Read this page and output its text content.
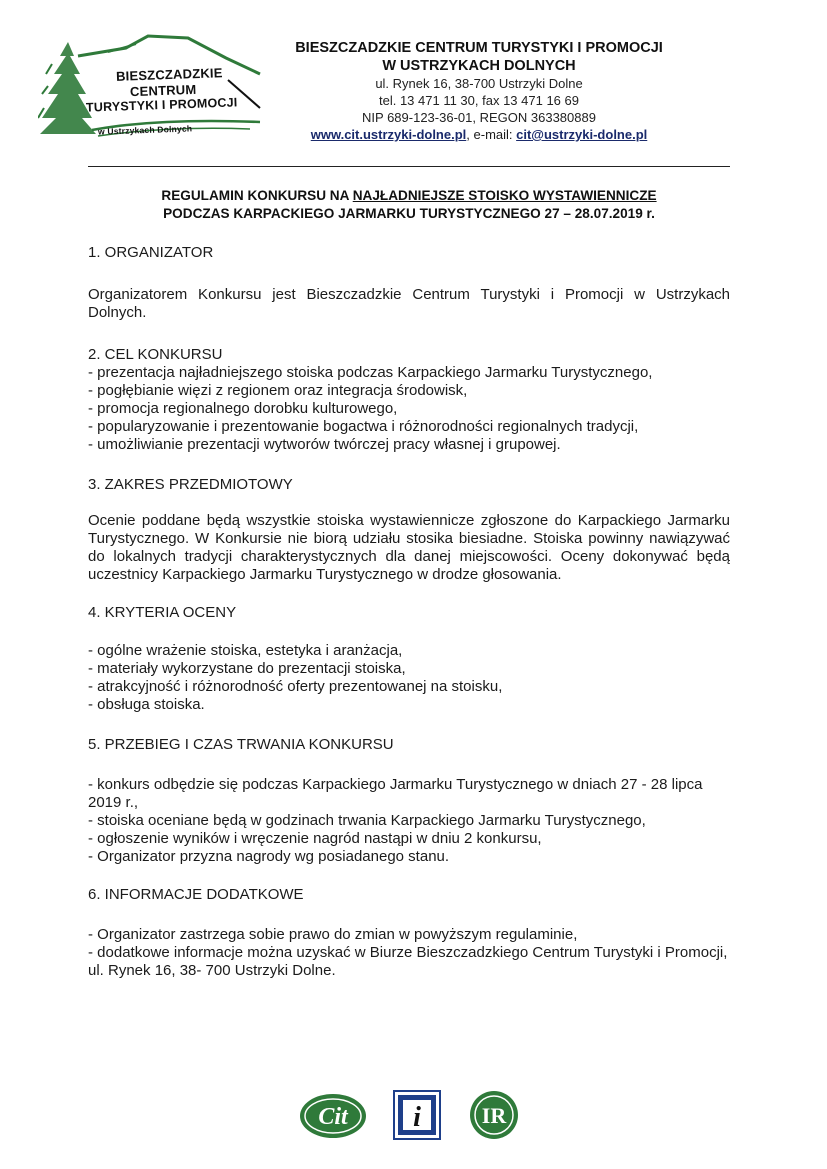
BIESZCZADZKIE
CENTRUM
TURYSTYKI I PROMOCJI
w Ustrzykach Dolnych
BIESZCZADZKIE CENTRUM TURYSTYKI I PROMOCJI
W USTRZYKACH DOLNYCH
ul. Rynek 16, 38-700 Ustrzyki Dolne
tel. 13 471 11 30, fax 13 471 16 69
NIP 689-123-36-01, REGON 363380889
www.cit.ustrzyki-dolne.pl, e-mail: cit@ustrzyki-dolne.pl
REGULAMIN KONKURSU NA NAJŁADNIEJSZE STOISKO WYSTAWIENNICZE
PODCZAS KARPACKIEGO JARMARKU TURYSTYCZNEGO 27 – 28.07.2019 r.

1. ORGANIZATOR

Organizatorem Konkursu jest Bieszczadzkie Centrum Turystyki i Promocji w Ustrzykach Dolnych.

2. CEL KONKURSU

- prezentacja najładniejszego stoiska podczas Karpackiego Jarmarku Turystycznego,
- pogłębianie więzi z regionem oraz integracja środowisk,
- promocja regionalnego dorobku kulturowego,
- popularyzowanie i prezentowanie bogactwa i różnorodności regionalnych tradycji,
- umożliwianie prezentacji wytworów twórczej pracy własnej i grupowej.

3. ZAKRES PRZEDMIOTOWY

Ocenie poddane będą wszystkie stoiska wystawiennicze zgłoszone do Karpackiego Jarmarku Turystycznego. W Konkursie nie biorą udziału stosika biesiadne. Stoiska powinny nawiązywać do lokalnych tradycji charakterystycznych dla danej miejscowości. Oceny dokonywać będą uczestnicy Karpackiego Jarmarku Turystycznego w drodze głosowania.

4. KRYTERIA OCENY

- ogólne wrażenie stoiska, estetyka i aranżacja,
- materiały wykorzystane do prezentacji stoiska,
- atrakcyjność i różnorodność oferty prezentowanej na stoisku,
- obsługa stoiska.

5. PRZEBIEG I CZAS TRWANIA KONKURSU

- konkurs odbędzie się podczas Karpackiego Jarmarku Turystycznego w dniach 27 - 28 lipca 2019 r.,
- stoiska oceniane będą w godzinach trwania Karpackiego Jarmarku Turystycznego,
- ogłoszenie wyników i wręczenie nagród nastąpi w dniu 2 konkursu,
- Organizator przyzna nagrody wg posiadanego stanu.

6. INFORMACJE DODATKOWE

- Organizator zastrzega sobie prawo do zmian w powyższym regulaminie,
- dodatkowe informacje można uzyskać w Biurze Bieszczadzkiego Centrum Turystyki i Promocji, ul. Rynek 16, 38- 700 Ustrzyki Dolne.
Cit i	IR
